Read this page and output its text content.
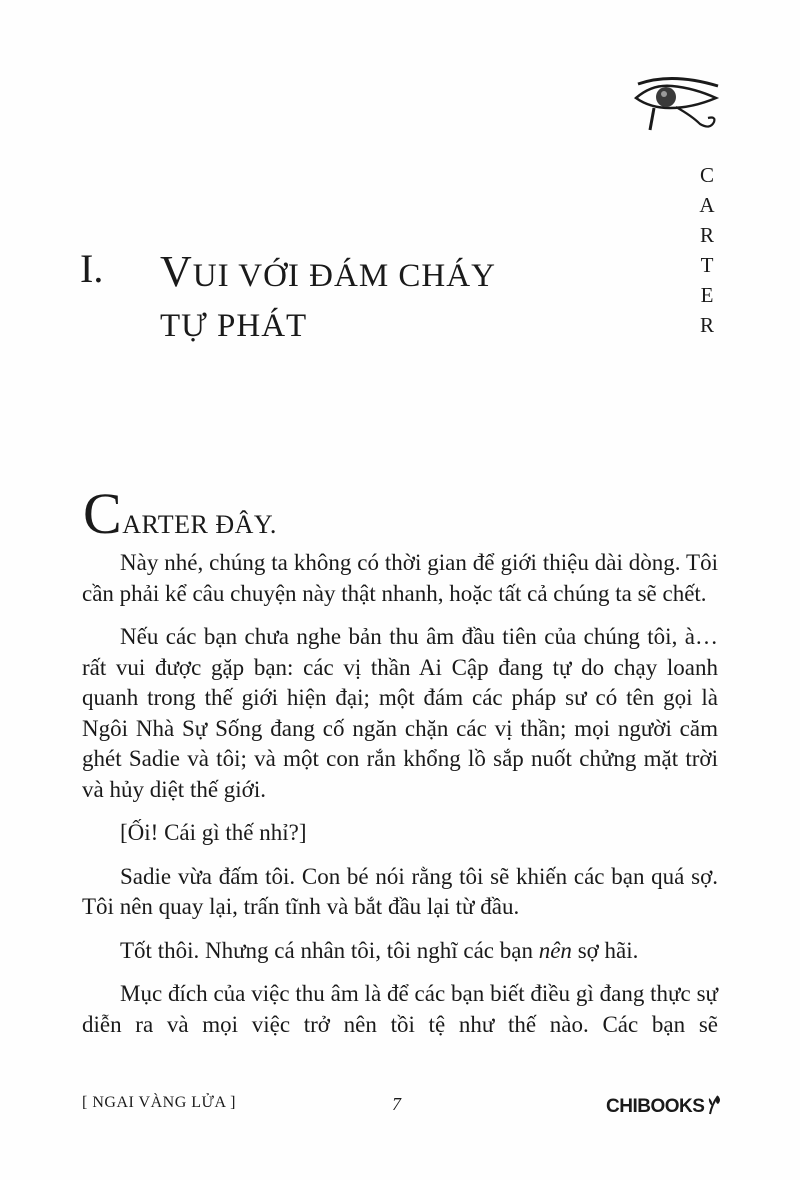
C
A
R
T
E
R
I. VUI VỚI ĐÁM CHÁY
TỰ PHÁT
CARTER ĐÂY.

Này nhé, chúng ta không có thời gian để giới thiệu dài dòng. Tôi cần phải kể câu chuyện này thật nhanh, hoặc tất cả chúng ta sẽ chết.

Nếu các bạn chưa nghe bản thu âm đầu tiên của chúng tôi, à… rất vui được gặp bạn: các vị thần Ai Cập đang tự do chạy loanh quanh trong thế giới hiện đại; một đám các pháp sư có tên gọi là Ngôi Nhà Sự Sống đang cố ngăn chặn các vị thần; mọi người căm ghét Sadie và tôi; và một con rắn khổng lồ sắp nuốt chửng mặt trời và hủy diệt thế giới.

[Ối! Cái gì thế nhỉ?]

Sadie vừa đấm tôi. Con bé nói rằng tôi sẽ khiến các bạn quá sợ. Tôi nên quay lại, trấn tĩnh và bắt đầu lại từ đầu.

Tốt thôi. Nhưng cá nhân tôi, tôi nghĩ các bạn nên sợ hãi.

Mục đích của việc thu âm là để các bạn biết điều gì đang thực sự diễn ra và mọi việc trở nên tồi tệ như thế nào. Các bạn sẽ

[ NGAI VÀNG LỬA ]	7	CHIBOOKS
